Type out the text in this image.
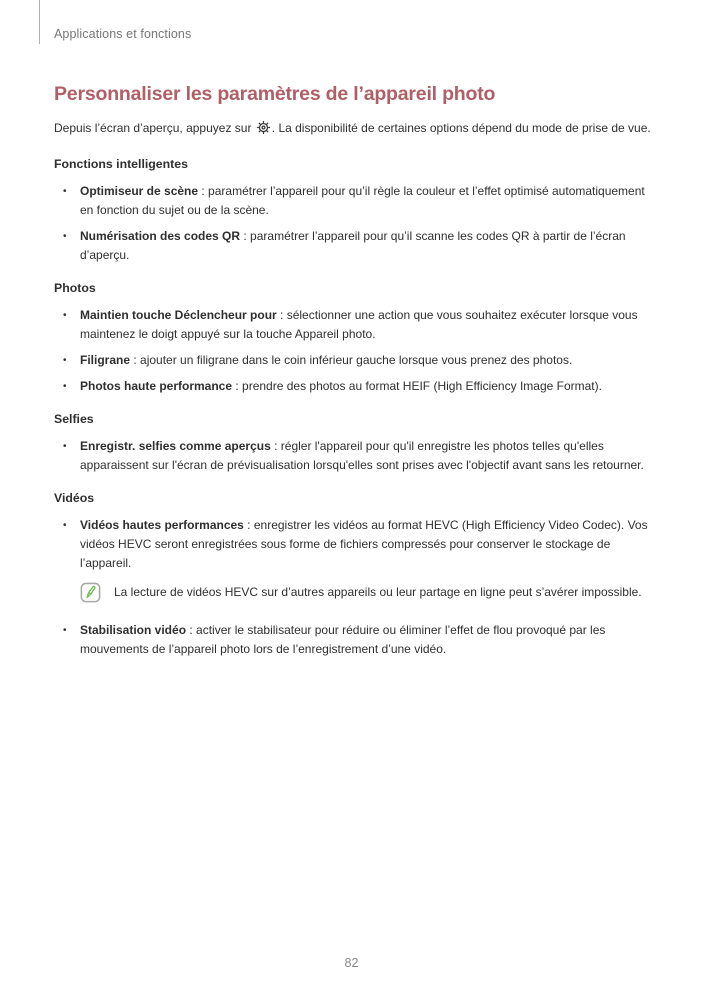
Applications et fonctions
Personnaliser les paramètres de l’appareil photo

Depuis l’écran d’aperçu, appuyez sur . La disponibilité de certaines options dépend du mode de prise de vue.

Fonctions intelligentes
•	Optimiseur de scène : paramétrer l’appareil pour qu’il règle la couleur et l’effet optimisé automatiquement en fonction du sujet ou de la scène.
•	Numérisation des codes QR : paramétrer l’appareil pour qu’il scanne les codes QR à partir de l’écran d’aperçu.
Photos
•	Maintien touche Déclencheur pour : sélectionner une action que vous souhaitez exécuter lorsque vous maintenez le doigt appuyé sur la touche Appareil photo.
•	Filigrane : ajouter un filigrane dans le coin inférieur gauche lorsque vous prenez des photos.
•	Photos haute performance : prendre des photos au format HEIF (High Efficiency Image Format).
Selfies
•	Enregistr. selfies comme aperçus : régler l'appareil pour qu'il enregistre les photos telles qu'elles apparaissent sur l'écran de prévisualisation lorsqu'elles sont prises avec l'objectif avant sans les retourner.
Vidéos
•	Vidéos hautes performances : enregistrer les vidéos au format HEVC (High Efficiency Video Codec). Vos vidéos HEVC seront enregistrées sous forme de fichiers compressés pour conserver le stockage de l’appareil.
La lecture de vidéos HEVC sur d’autres appareils ou leur partage en ligne peut s’avérer impossible.
•	Stabilisation vidéo : activer le stabilisateur pour réduire ou éliminer l’effet de flou provoqué par les mouvements de l’appareil photo lors de l’enregistrement d’une vidéo.
82
